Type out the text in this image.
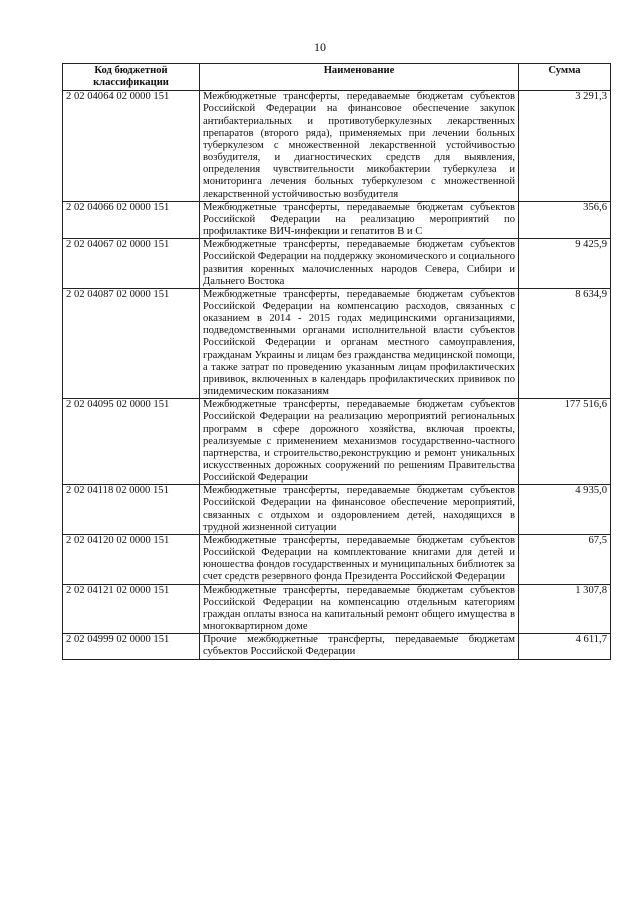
10
Код бюджетной классификации	Наименование	Сумма
2 02 04064 02 0000 151	Межбюджетные трансферты, передаваемые бюджетам субъектов Российской Федерации на финансовое обеспечение закупок антибактериальных и противотуберкулезных лекарственных препаратов (второго ряда), применяемых при лечении больных туберкулезом с множественной лекарственной устойчивостью возбудителя, и диагностических средств для выявления, определения чувствительности микобактерии туберкулеза и мониторинга лечения больных туберкулезом с множественной лекарственной устойчивостью возбудителя	3 291,3
2 02 04066 02 0000 151	Межбюджетные трансферты, передаваемые бюджетам субъектов Российской Федерации на реализацию мероприятий по профилактике ВИЧ-инфекции и гепатитов В и С	356,6
2 02 04067 02 0000 151	Межбюджетные трансферты, передаваемые бюджетам субъектов Российской Федерации на поддержку экономического и социального развития коренных малочисленных народов Севера, Сибири и Дальнего Востока	9 425,9
2 02 04087 02 0000 151	Межбюджетные трансферты, передаваемые бюджетам субъектов Российской Федерации на компенсацию расходов, связанных с оказанием в 2014 - 2015 годах медицинскими организациями, подведомственными органами исполнительной власти субъектов Российской Федерации и органам местного самоуправления, гражданам Украины и лицам без гражданства медицинской помощи, а также затрат по проведению указанным лицам профилактических прививок, включенных в календарь профилактических прививок по эпидемическим показаниям	8 634,9
2 02 04095 02 0000 151	Межбюджетные трансферты, передаваемые бюджетам субъектов Российской Федерации на реализацию мероприятий региональных программ в сфере дорожного хозяйства, включая проекты, реализуемые с применением механизмов государственно-частного партнерства, и строительство,реконструкцию и ремонт уникальных искусственных дорожных сооружений по решениям Правительства Российской Федерации	177 516,6
2 02 04118 02 0000 151	Межбюджетные трансферты, передаваемые бюджетам субъектов Российской Федерации на финансовое обеспечение мероприятий, связанных с отдыхом и оздоровлением детей, находящихся в трудной жизненной ситуации	4 935,0
2 02 04120 02 0000 151	Межбюджетные трансферты, передаваемые бюджетам субъектов Российской Федерации на комплектование книгами для детей и юношества фондов государственных и муниципальных библиотек за счет средств резервного фонда Президента Российской Федерации	67,5
2 02 04121 02 0000 151	Межбюджетные трансферты, передаваемые бюджетам субъектов Российской Федерации на компенсацию отдельным категориям граждан оплаты взноса на капитальный ремонт общего имущества в многоквартирном доме	1 307,8
2 02 04999 02 0000 151	Прочие межбюджетные трансферты, передаваемые бюджетам субъектов Российской Федерации	4 611,7
